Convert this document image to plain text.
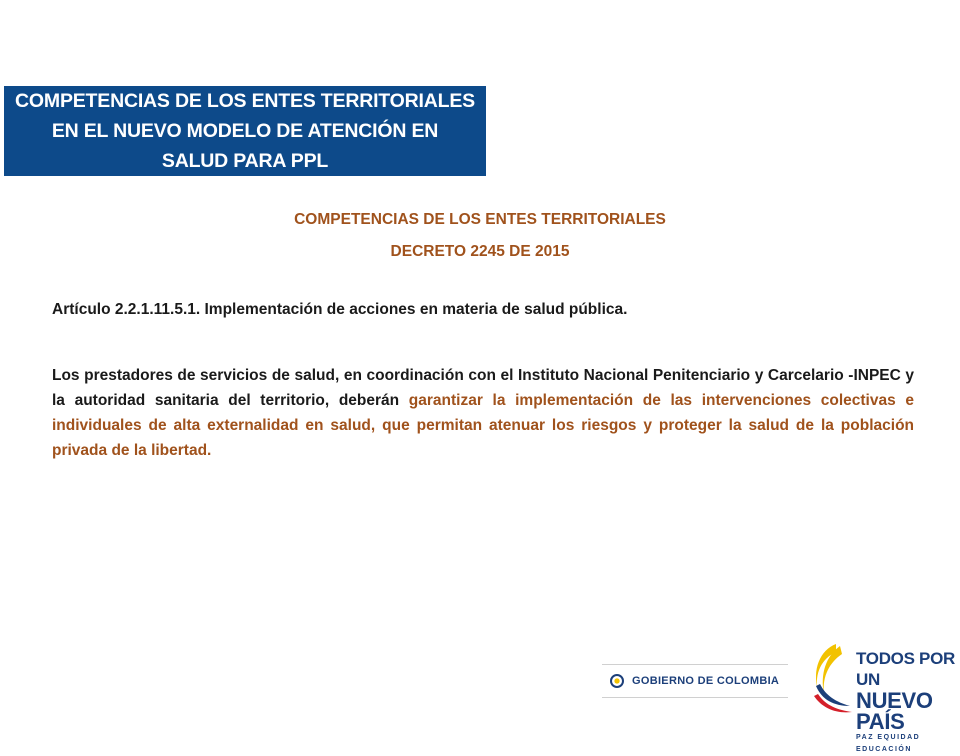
COMPETENCIAS DE LOS ENTES TERRITORIALES
EN EL NUEVO MODELO DE ATENCIÓN EN
SALUD PARA PPL
COMPETENCIAS DE LOS ENTES TERRITORIALES
DECRETO 2245 DE 2015
Artículo 2.2.1.11.5.1. Implementación de acciones en materia de salud pública.
Los prestadores de servicios de salud, en coordinación con el Instituto Nacional Penitenciario y Carcelario -INPEC y la autoridad sanitaria del territorio, deberán garantizar la implementación de las intervenciones colectivas e individuales de alta externalidad en salud, que permitan atenuar los riesgos y proteger la salud de la población privada de la libertad.
GOBIERNO DE COLOMBIA
TODOS POR UN
NUEVO PAÍS
PAZ EQUIDAD EDUCACIÓN
